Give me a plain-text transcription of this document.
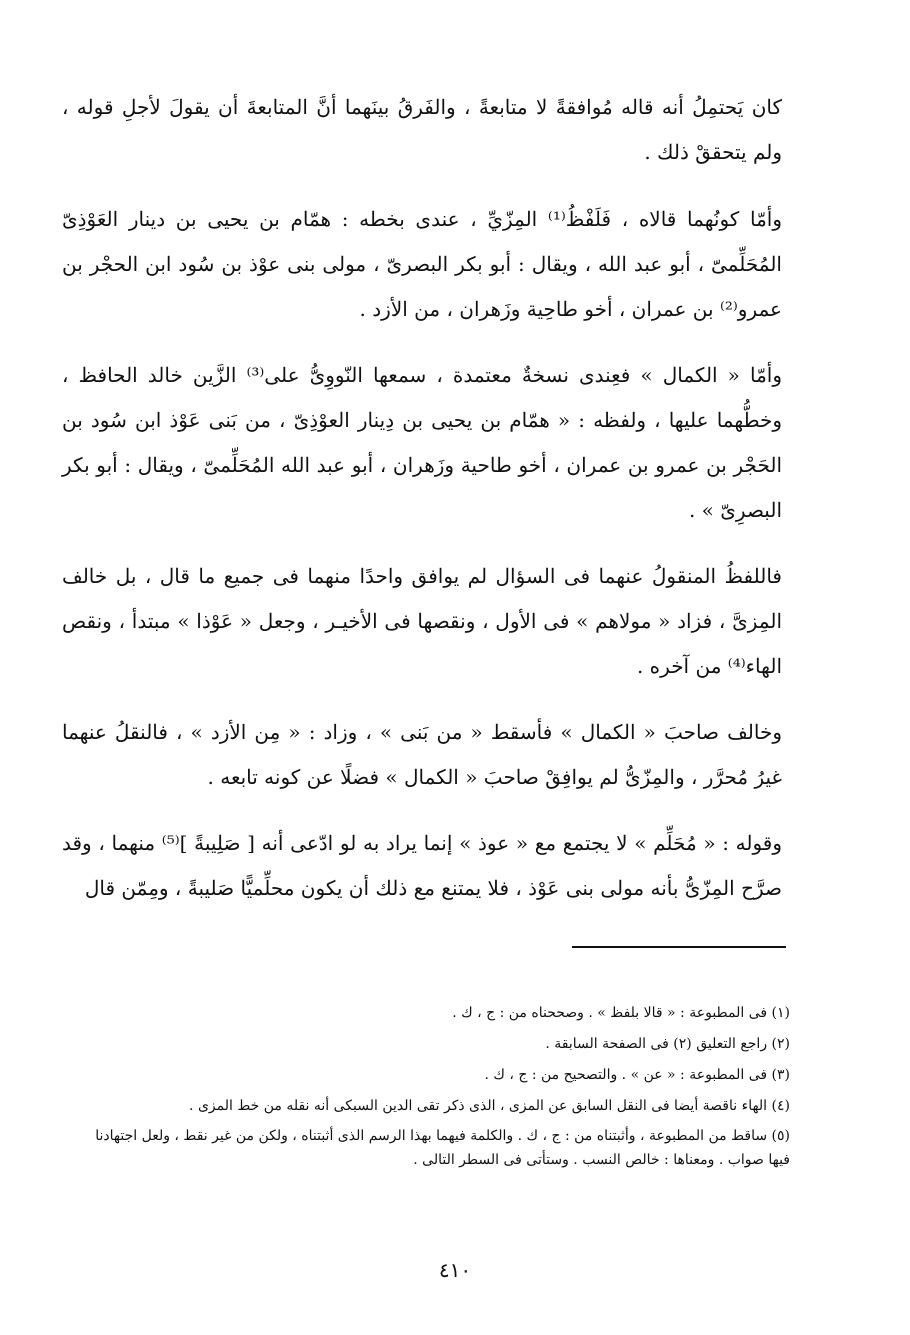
كان يَحتمِلُ أنه قاله مُوافقةً لا متابعةً ، والفَرقُ بينَهما أنَّ المتابعةَ أن يقولَ لأجلِ قوله ، ولم يتحققْ ذلك .

وأمّا كونُهما قالاه ، فَلَفْظُ⁽¹⁾ المِزّيِّ ، عندى بخطه : همّام بن يحيى بن دينار العَوْذِىّ المُحَلِّمىّ ، أبو عبد الله ، ويقال : أبو بكر البصرىّ ، مولى بنى عوْذ بن سُود ابن الحجْر بن عمرو⁽²⁾ بن عمران ، أخو طاحِية وزَهران ، من الأزد .

وأمّا « الكمال » فعِندى نسخةٌ معتمدة ، سمعها النّووِىُّ على⁽³⁾ الزَّين خالد الحافظ ، وخطُّهما عليها ، ولفظه : « همّام بن يحيى بن دِينار العوْذِىّ ، من بَنى عَوْذ ابن سُود بن الحَجْر بن عمرو بن عمران ، أخو طاحية وزَهران ، أبو عبد الله المُحَلِّمىّ ، ويقال : أبو بكر البصرِىّ » .

فاللفظُ المنقولُ عنهما فى السؤال لم يوافق واحدًا منهما فى جميع ما قال ، بل خالف المِزىَّ ، فزاد « مولاهم » فى الأول ، ونقصها فى الأخيـر ، وجعل « عَوْذا » مبتدأ ، ونقص الهاء⁽⁴⁾ من آخره .

وخالف صاحبَ « الكمال » فأسقط « من بَنى » ، وزاد : « مِن الأزد » ، فالنقلُ عنهما غيرُ مُحرَّر ، والمِزّىُّ لم يوافِقْ صاحبَ « الكمال » فضلًا عن كونه تابعه .

وقوله : « مُحَلِّم » لا يجتمع مع « عوذ » إنما يراد به لو ادّعى أنه [ صَلِيبةً ]⁽⁵⁾ منهما ، وقد صرَّح المِزّىُّ بأنه مولى بنى عَوْذ ، فلا يمتنع مع ذلك أن يكون محلِّميًّا صَليبةً ، ومِمّن قال

(١) فى المطبوعة : « قالا بلفظ » . وصححناه من : ج ، ك .

(٢) راجع التعليق (٢) فى الصفحة السابقة .

(٣) فى المطبوعة : « عن » . والتصحيح من : ج ، ك .

(٤) الهاء ناقصة أيضا فى النقل السابق عن المزى ، الذى ذكر تقى الدين السبكى أنه نقله من خط المزى .

(٥) ساقط من المطبوعة ، وأثبتناه من : ج ، ك . والكلمة فيهما بهذا الرسم الذى أثبتناه ، ولكن من غير نقط ، ولعل اجتهادنا فيها صواب . ومعناها : خالص النسب . وستأتى فى السطر التالى .

٤١٠
